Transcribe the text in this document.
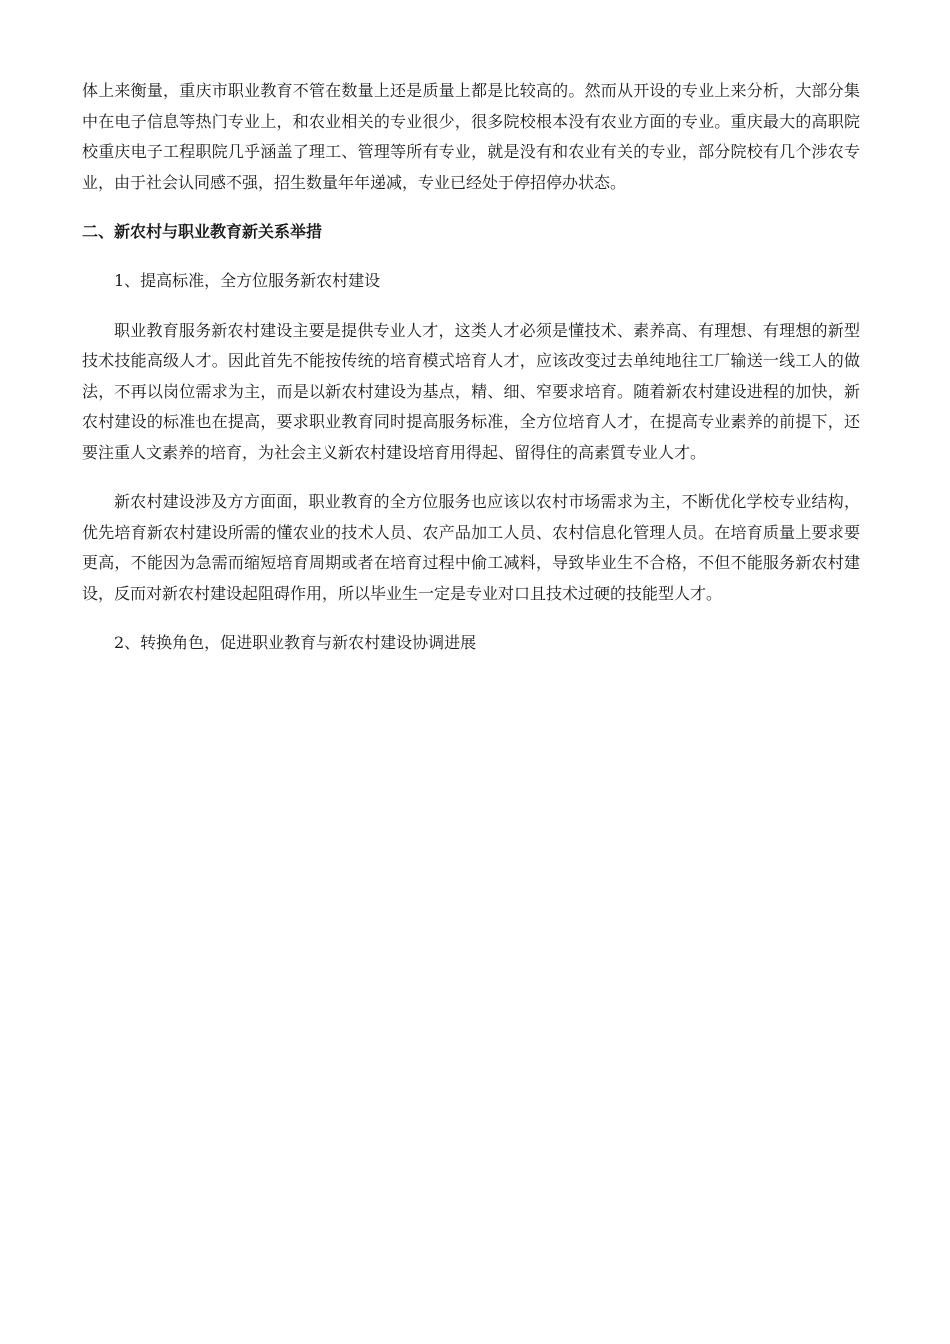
体上来衡量，重庆市职业教育不管在数量上还是质量上都是比较高的。然而从开设的专业上来分析，大部分集中在电子信息等热门专业上，和农业相关的专业很少，很多院校根本没有农业方面的专业。重庆最大的高职院校重庆电子工程职院几乎涵盖了理工、管理等所有专业，就是没有和农业有关的专业，部分院校有几个涉农专业，由于社会认同感不强，招生数量年年递减，专业已经处于停招停办状态。

二、新农村与职业教育新关系举措

1、提高标准，全方位服务新农村建设

职业教育服务新农村建设主要是提供专业人才，这类人才必须是懂技术、素养高、有理想、有理想的新型技术技能高级人才。因此首先不能按传统的培育模式培育人才，应该改变过去单纯地往工厂输送一线工人的做法，不再以岗位需求为主，而是以新农村建设为基点，精、细、窄要求培育。随着新农村建设进程的加快，新农村建设的标准也在提高，要求职业教育同时提高服务标准，全方位培育人才，在提高专业素养的前提下，还要注重人文素养的培育，为社会主义新农村建设培育用得起、留得住的高素質专业人才。

新农村建设涉及方方面面，职业教育的全方位服务也应该以农村市场需求为主，不断优化学校专业结构，优先培育新农村建设所需的懂农业的技术人员、农产品加工人员、农村信息化管理人员。在培育质量上要求要更高，不能因为急需而缩短培育周期或者在培育过程中偷工减料，导致毕业生不合格，不但不能服务新农村建设，反而对新农村建设起阻碍作用，所以毕业生一定是专业对口且技术过硬的技能型人才。

2、转换角色，促进职业教育与新农村建设协调进展
